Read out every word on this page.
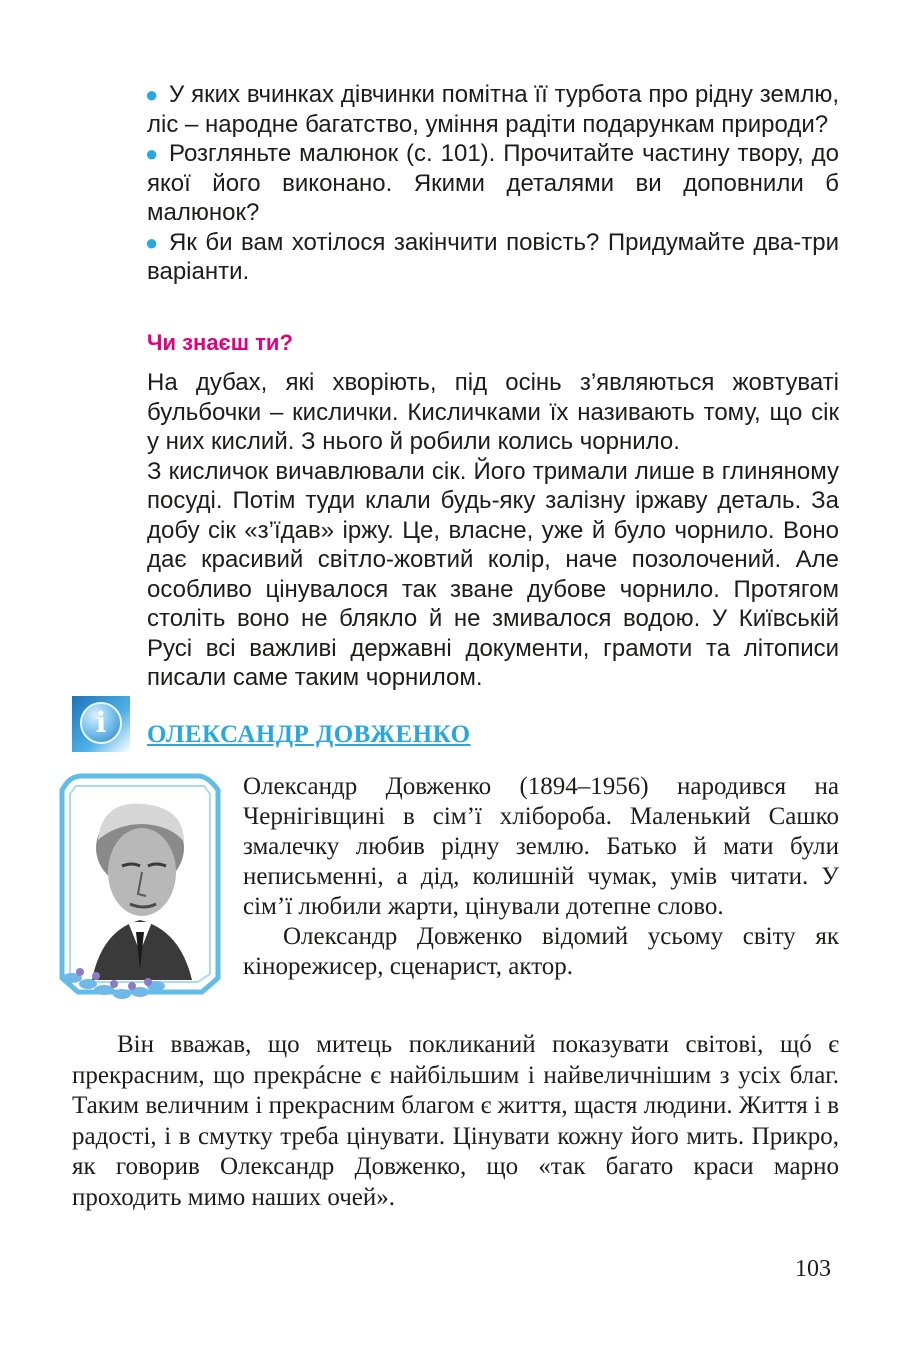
● У яких вчинках дівчинки помітна її турбота про рідну землю, ліс – народне багатство, уміння радіти подарункам природи?
● Розгляньте малюнок (с. 101). Прочитайте частину твору, до якої його виконано. Якими деталями ви доповнили б малюнок?
● Як би вам хотілося закінчити повість? Придумайте два-три варіанти.
Чи знаєш ти?

На дубах, які хворіють, під осінь з’являються жовтуваті бульбочки – кислички. Кисличками їх називають тому, що сік у них кислий. З нього й робили колись чорнило.

З кисличок вичавлювали сік. Його тримали лише в глиняному посуді. Потім туди клали будь-яку залізну іржаву деталь. За добу сік «з’їдав» іржу. Це, власне, уже й було чорнило. Воно дає красивий світло-жовтий колір, наче позолочений. Але особливо цінувалося так зване дубове чорнило. Протягом століть воно не блякло й не змивалося водою. У Київській Русі всі важливі державні документи, грамоти та літописи писали саме таким чорнилом.

i	ОЛЕКСАНДР ДОВЖЕНКО

Олександр Довженко (1894–1956) народився на Чернігівщині в сім’ї хлібороба. Маленький Сашко змалечку любив рідну землю. Батько й мати були неписьменні, а дід, колишній чумак, умів читати. У сім’ї любили жарти, цінували дотепне слово.

Олександр Довженко відомий усьому світу як кінорежисер, сценарист, актор.

Він вважав, що митець покликаний показувати світові, щó є прекрасним, що прекрáсне є найбільшим і найвеличнішим з усіх благ. Таким величним і прекрасним благом є життя, щастя людини. Життя і в радості, і в смутку треба цінувати. Цінувати кожну його мить. Прикро, як говорив Олександр Довженко, що «так багато краси марно проходить мимо наших очей».

103
